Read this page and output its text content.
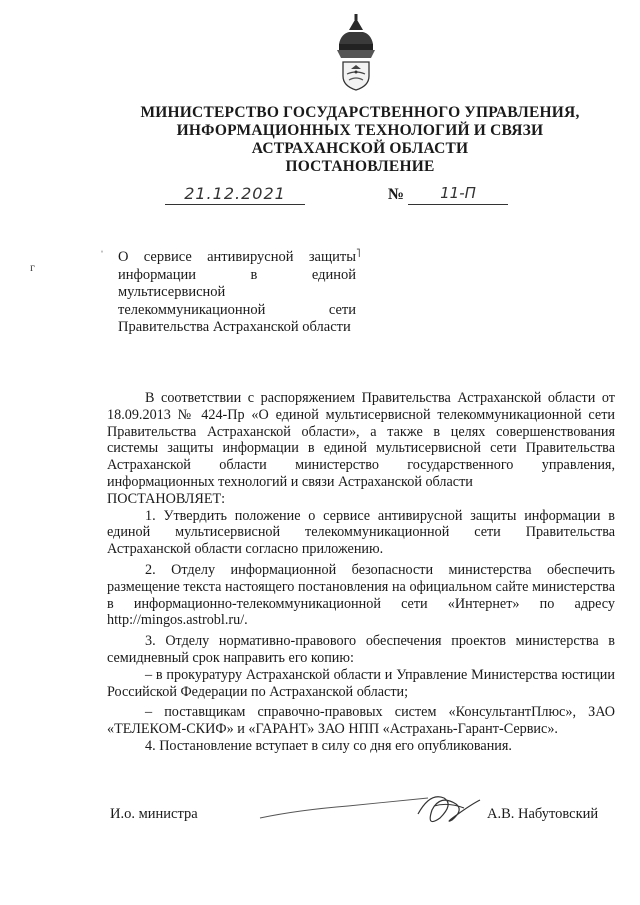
МИНИСТЕРСТВО ГОСУДАРСТВЕННОГО УПРАВЛЕНИЯ,
ИНФОРМАЦИОННЫХ ТЕХНОЛОГИЙ И СВЯЗИ
АСТРАХАНСКОЙ ОБЛАСТИ
ПОСТАНОВЛЕНИЕ
21.12.2021	№	11-П
г
ˈ	˥
О сервисе антивирусной защиты информации в единой мультисервисной телекоммуникационной сети Правительства Астраханской области

В соответствии с распоряжением Правительства Астраханской области от 18.09.2013 № 424-Пр «О единой мультисервисной телекоммуникационной сети Правительства Астраханской области», а также в целях совершенствования системы защиты информации в единой мультисервисной сети Правительства Астраханской области министерство государственного управления, информационных технологий и связи Астраханской области

ПОСТАНОВЛЯЕТ:

1. Утвердить положение о сервисе антивирусной защиты информации в единой мультисервисной телекоммуникационной сети Правительства Астраханской области согласно приложению.

2. Отделу информационной безопасности министерства обеспечить размещение текста настоящего постановления на официальном сайте министерства в информационно-телекоммуникационной сети «Интернет» по адресу http://mingos.astrobl.ru/.

3. Отделу нормативно-правового обеспечения проектов министерства в семидневный срок направить его копию:

– в прокуратуру Астраханской области и Управление Министерства юстиции Российской Федерации по Астраханской области;

– поставщикам справочно-правовых систем «КонсультантПлюс», ЗАО «ТЕЛЕКОМ-СКИФ» и «ГАРАНТ» ЗАО НПП «Астрахань-Гарант-Сервис».

4. Постановление вступает в силу со дня его опубликования.

И.о. министра	А.В. Набутовский
